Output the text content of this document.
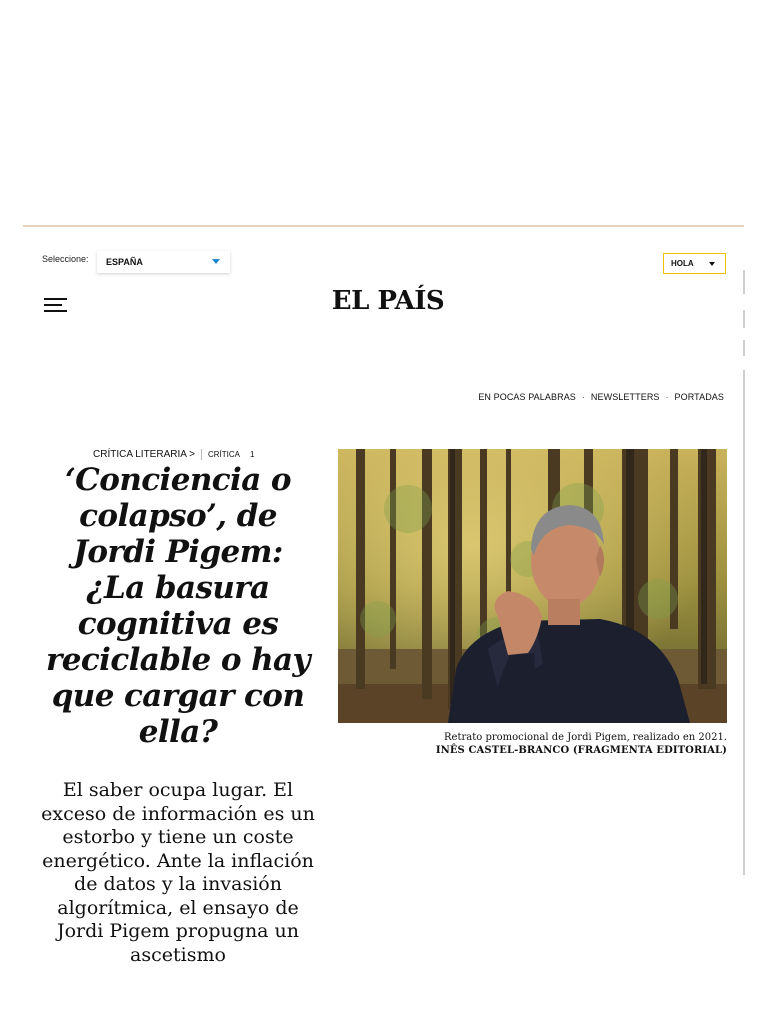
Seleccione: ESPAÑA	HOLA
EL PAÍS
EN POCAS PALABRAS · NEWSLETTERS · PORTADAS
CRÍTICA LITERARIA > CRÍTICA 1
‘Conciencia o colapso’, de Jordi Pigem: ¿La basura cognitiva es reciclable o hay que cargar con ella?

El saber ocupa lugar. El exceso de información es un estorbo y tiene un coste energético. Ante la inflación de datos y la invasión algorítmica, el ensayo de Jordi Pigem propugna un ascetismo

Retrato promocional de Jordi Pigem, realizado en 2021.
INÊS CASTEL-BRANCO (FRAGMENTA EDITORIAL)
